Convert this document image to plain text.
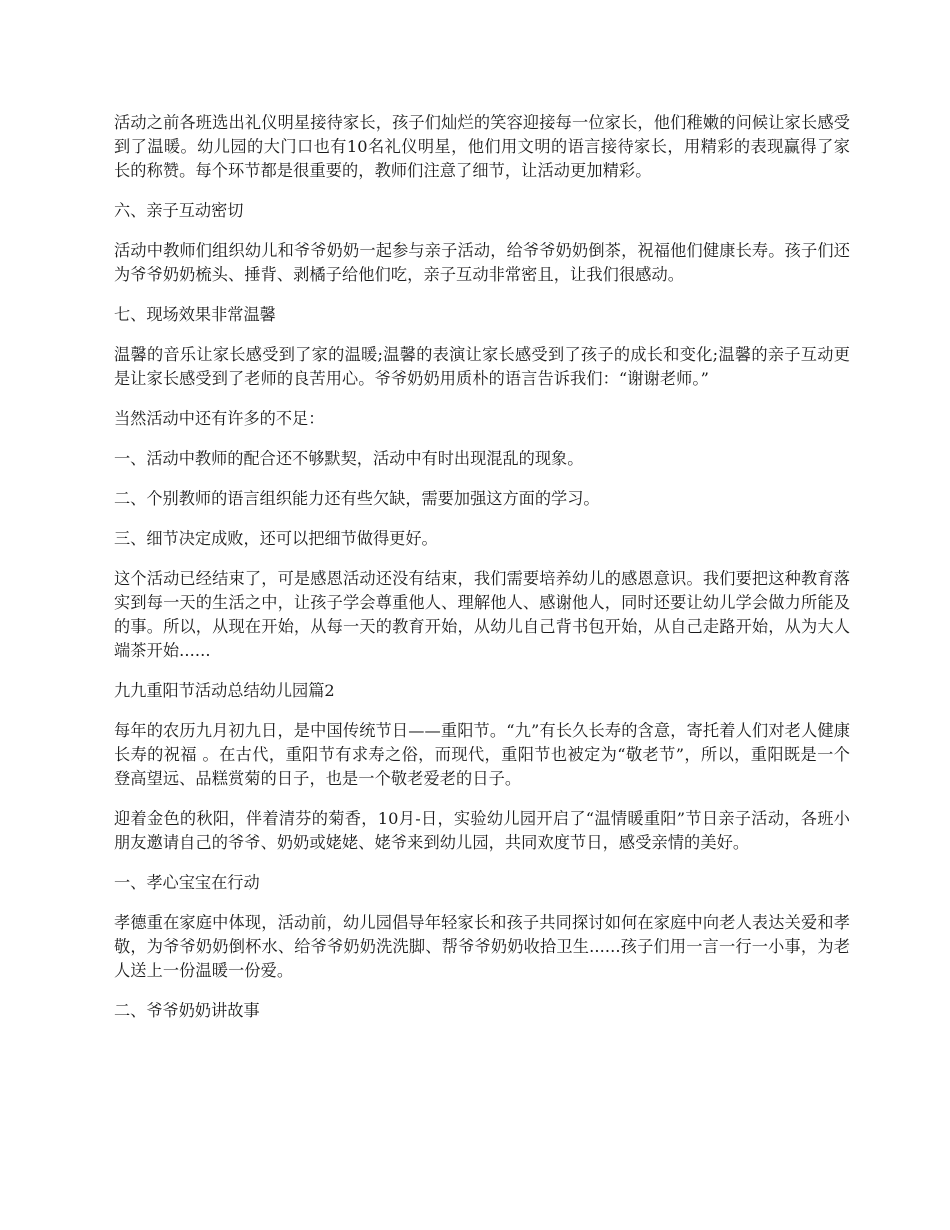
活动之前各班选出礼仪明星接待家长，孩子们灿烂的笑容迎接每一位家长，他们稚嫩的问候让家长感受到了温暖。幼儿园的大门口也有10名礼仪明星，他们用文明的语言接待家长，用精彩的表现赢得了家长的称赞。每个环节都是很重要的，教师们注意了细节，让活动更加精彩。

六、亲子互动密切

活动中教师们组织幼儿和爷爷奶奶一起参与亲子活动，给爷爷奶奶倒茶，祝福他们健康长寿。孩子们还为爷爷奶奶梳头、捶背、剥橘子给他们吃，亲子互动非常密且，让我们很感动。

七、现场效果非常温馨

温馨的音乐让家长感受到了家的温暖;温馨的表演让家长感受到了孩子的成长和变化;温馨的亲子互动更是让家长感受到了老师的良苦用心。爷爷奶奶用质朴的语言告诉我们：“谢谢老师。”

当然活动中还有许多的不足：

一、活动中教师的配合还不够默契，活动中有时出现混乱的现象。

二、个别教师的语言组织能力还有些欠缺，需要加强这方面的学习。

三、细节决定成败，还可以把细节做得更好。

这个活动已经结束了，可是感恩活动还没有结束，我们需要培养幼儿的感恩意识。我们要把这种教育落实到每一天的生活之中，让孩子学会尊重他人、理解他人、感谢他人，同时还要让幼儿学会做力所能及的事。所以，从现在开始，从每一天的教育开始，从幼儿自己背书包开始，从自己走路开始，从为大人端茶开始......

九九重阳节活动总结幼儿园篇2

每年的农历九月初九日，是中国传统节日——重阳节。“九”有长久长寿的含意，寄托着人们对老人健康长寿的祝福 。在古代，重阳节有求寿之俗，而现代，重阳节也被定为“敬老节”，所以，重阳既是一个登高望远、品糕赏菊的日子，也是一个敬老爱老的日子。

迎着金色的秋阳，伴着清芬的菊香，10月-日，实验幼儿园开启了“温情暖重阳”节日亲子活动，各班小朋友邀请自己的爷爷、奶奶或姥姥、姥爷来到幼儿园，共同欢度节日，感受亲情的美好。

一、孝心宝宝在行动

孝德重在家庭中体现，活动前，幼儿园倡导年轻家长和孩子共同探讨如何在家庭中向老人表达关爱和孝敬，为爷爷奶奶倒杯水、给爷爷奶奶洗洗脚、帮爷爷奶奶收拾卫生......孩子们用一言一行一小事，为老人送上一份温暖一份爱。

二、爷爷奶奶讲故事
